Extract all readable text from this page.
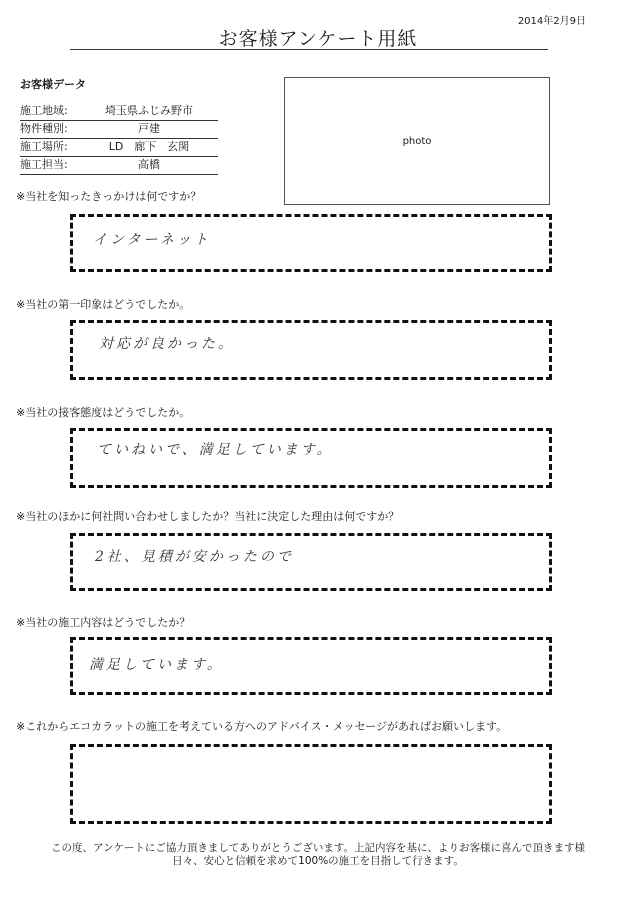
2014年2月9日
お客様アンケート用紙
お客様データ
施工地域:	埼玉県ふじみ野市
物件種別:	戸建
施工場所:	LD　廊下　玄関
施工担当:	高橋
photo
※当社を知ったきっかけは何ですか？
インターネット
※当社の第一印象はどうでしたか。
対応が良かった。
※当社の接客態度はどうでしたか。
ていねいで、満足しています。
※当社のほかに何社問い合わせしましたか？当社に決定した理由は何ですか？
2社、見積が安かったので
※当社の施工内容はどうでしたか？
満足しています。
※これからエコカラットの施工を考えている方へのアドバイス・メッセージがあればお願いします。
この度、アンケートにご協力頂きましてありがとうございます。上記内容を基に、よりお客様に喜んで頂きます様
日々、安心と信頼を求めて100%の施工を目指して行きます。
